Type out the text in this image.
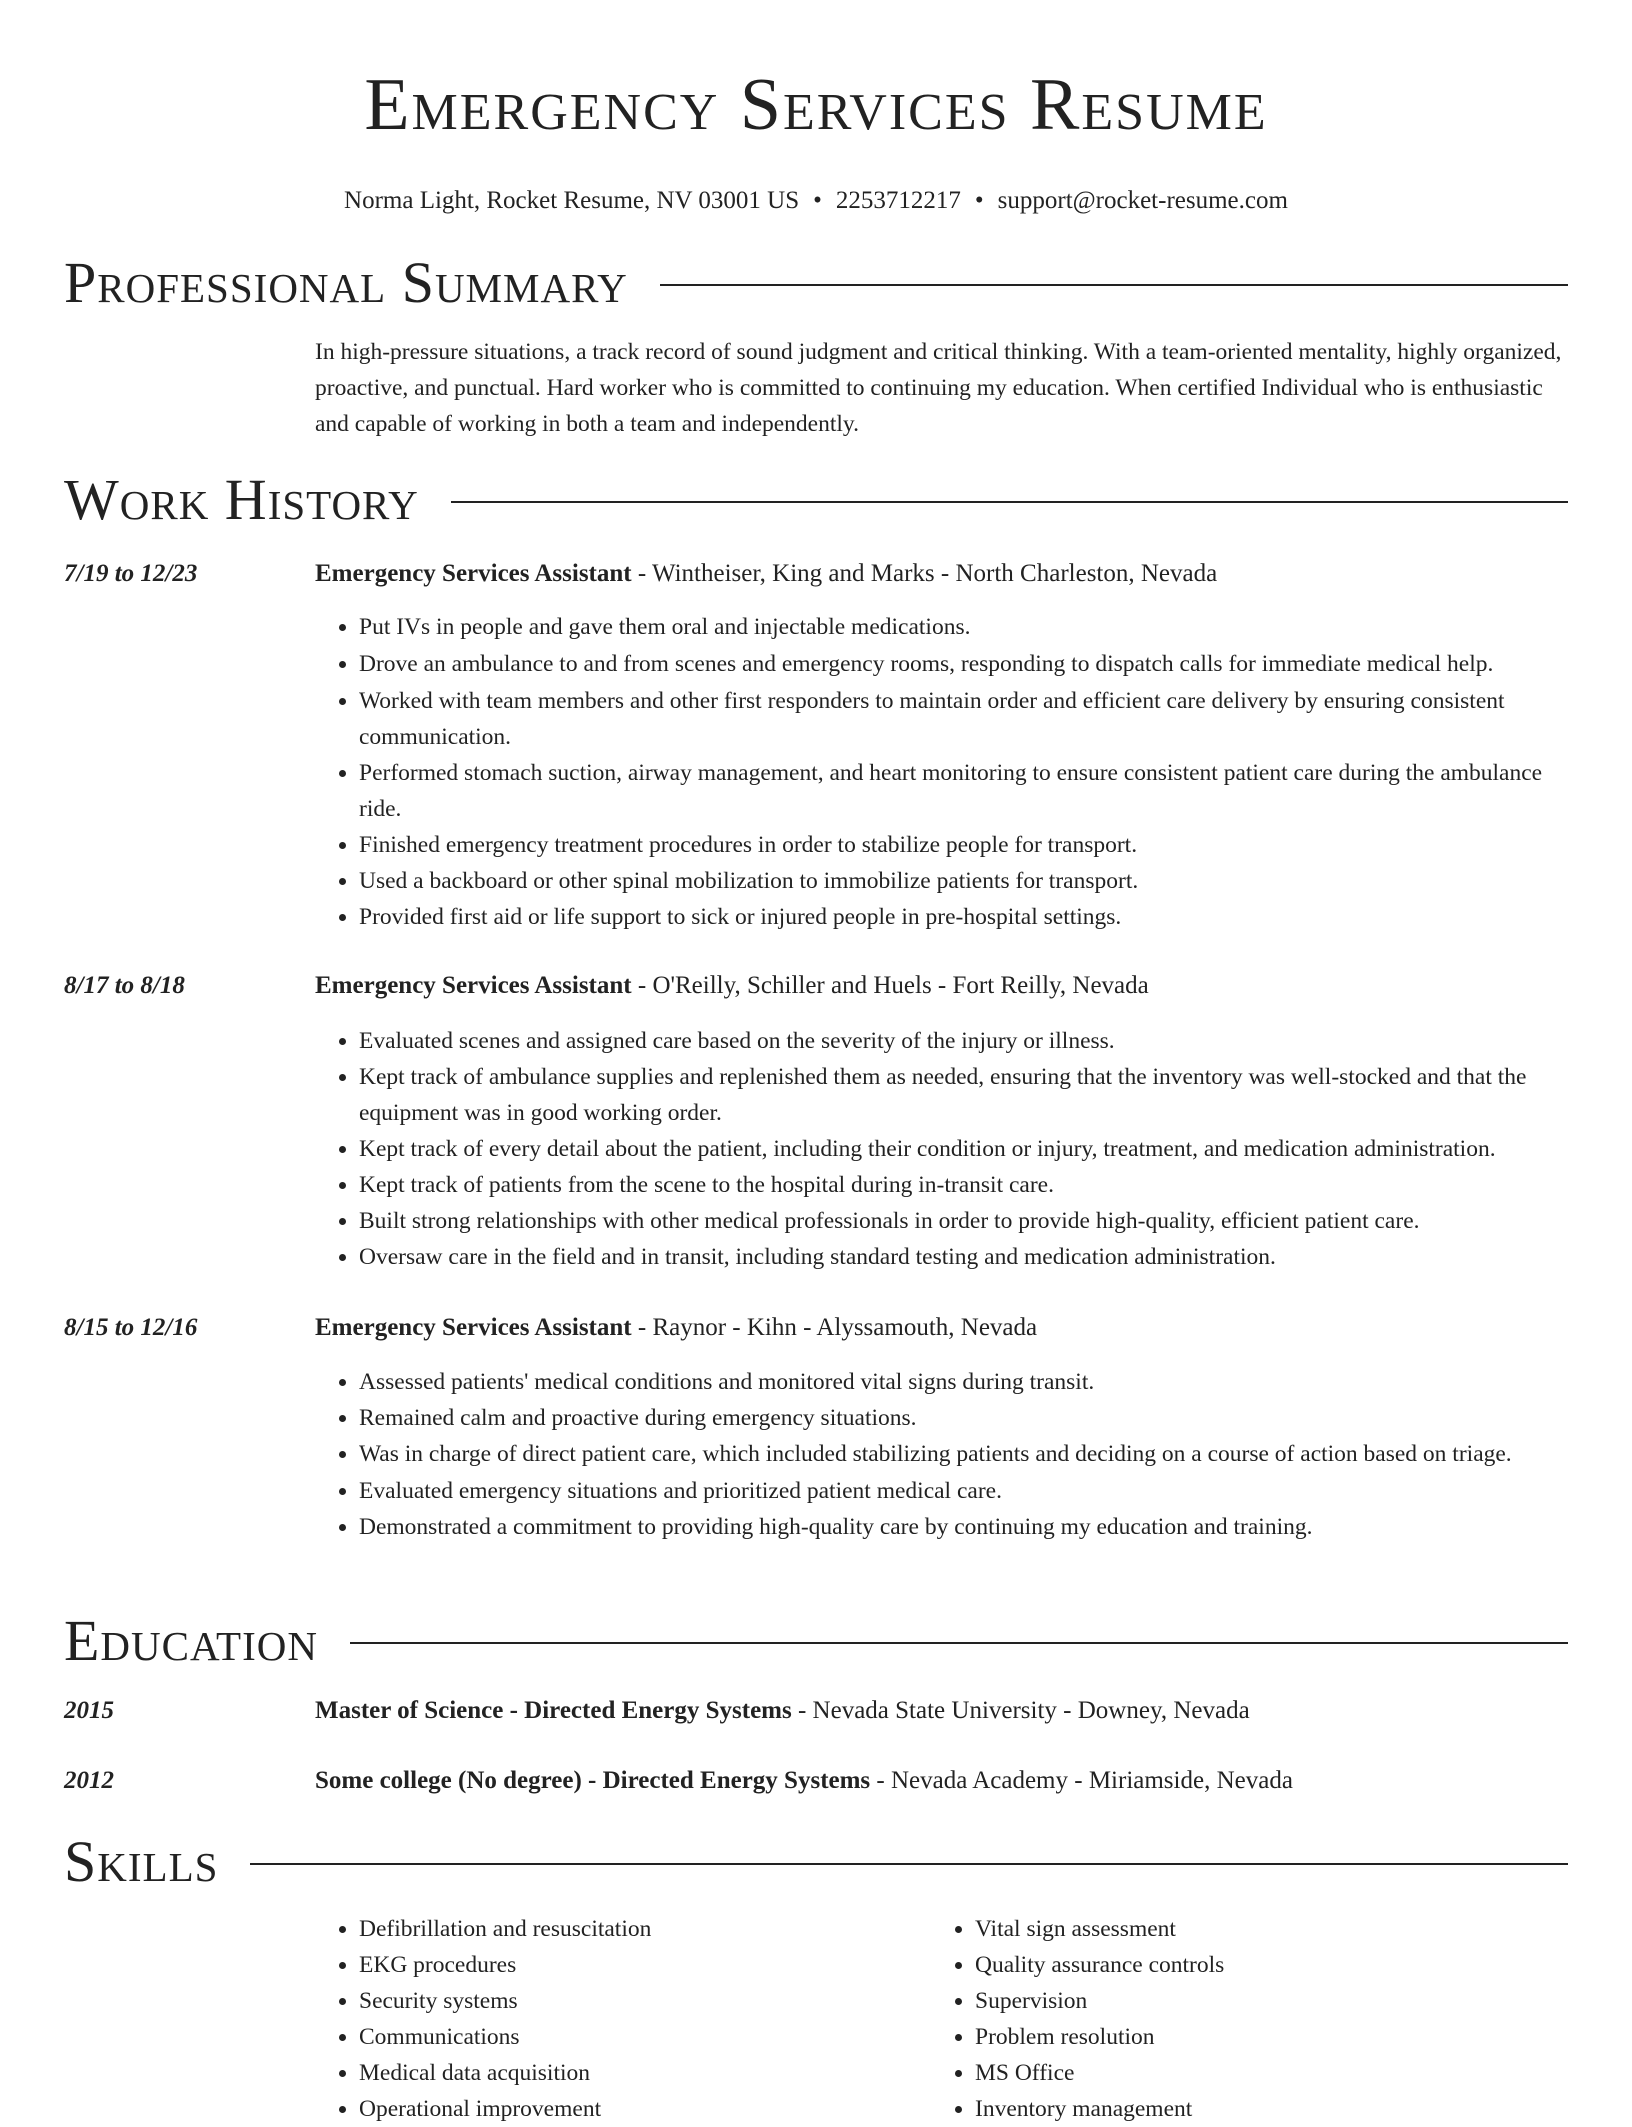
Emergency Services Resume
Norma Light, Rocket Resume, NV 03001 US • 2253712217 • support@rocket-resume.com
Professional Summary
In high-pressure situations, a track record of sound judgment and critical thinking. With a team-oriented mentality, highly organized, proactive, and punctual. Hard worker who is committed to continuing my education. When certified Individual who is enthusiastic and capable of working in both a team and independently.
Work History
7/19 to 12/23	Emergency Services Assistant - Wintheiser, King and Marks - North Charleston, Nevada
• Put IVs in people and gave them oral and injectable medications.
• Drove an ambulance to and from scenes and emergency rooms, responding to dispatch calls for immediate medical help.
• Worked with team members and other first responders to maintain order and efficient care delivery by ensuring consistent communication.
• Performed stomach suction, airway management, and heart monitoring to ensure consistent patient care during the ambulance ride.
• Finished emergency treatment procedures in order to stabilize people for transport.
• Used a backboard or other spinal mobilization to immobilize patients for transport.
• Provided first aid or life support to sick or injured people in pre-hospital settings.
8/17 to 8/18	Emergency Services Assistant - O'Reilly, Schiller and Huels - Fort Reilly, Nevada
• Evaluated scenes and assigned care based on the severity of the injury or illness.
• Kept track of ambulance supplies and replenished them as needed, ensuring that the inventory was well-stocked and that the equipment was in good working order.
• Kept track of every detail about the patient, including their condition or injury, treatment, and medication administration.
• Kept track of patients from the scene to the hospital during in-transit care.
• Built strong relationships with other medical professionals in order to provide high-quality, efficient patient care.
• Oversaw care in the field and in transit, including standard testing and medication administration.
8/15 to 12/16	Emergency Services Assistant - Raynor - Kihn - Alyssamouth, Nevada
• Assessed patients' medical conditions and monitored vital signs during transit.
• Remained calm and proactive during emergency situations.
• Was in charge of direct patient care, which included stabilizing patients and deciding on a course of action based on triage.
• Evaluated emergency situations and prioritized patient medical care.
• Demonstrated a commitment to providing high-quality care by continuing my education and training.
Education
2015	Master of Science - Directed Energy Systems - Nevada State University - Downey, Nevada
2012	Some college (No degree) - Directed Energy Systems - Nevada Academy - Miriamside, Nevada
Skills
• Defibrillation and resuscitation
• EKG procedures
• Security systems
• Communications
• Medical data acquisition
• Operational improvement
• Vital sign assessment
• Quality assurance controls
• Supervision
• Problem resolution
• MS Office
• Inventory management
